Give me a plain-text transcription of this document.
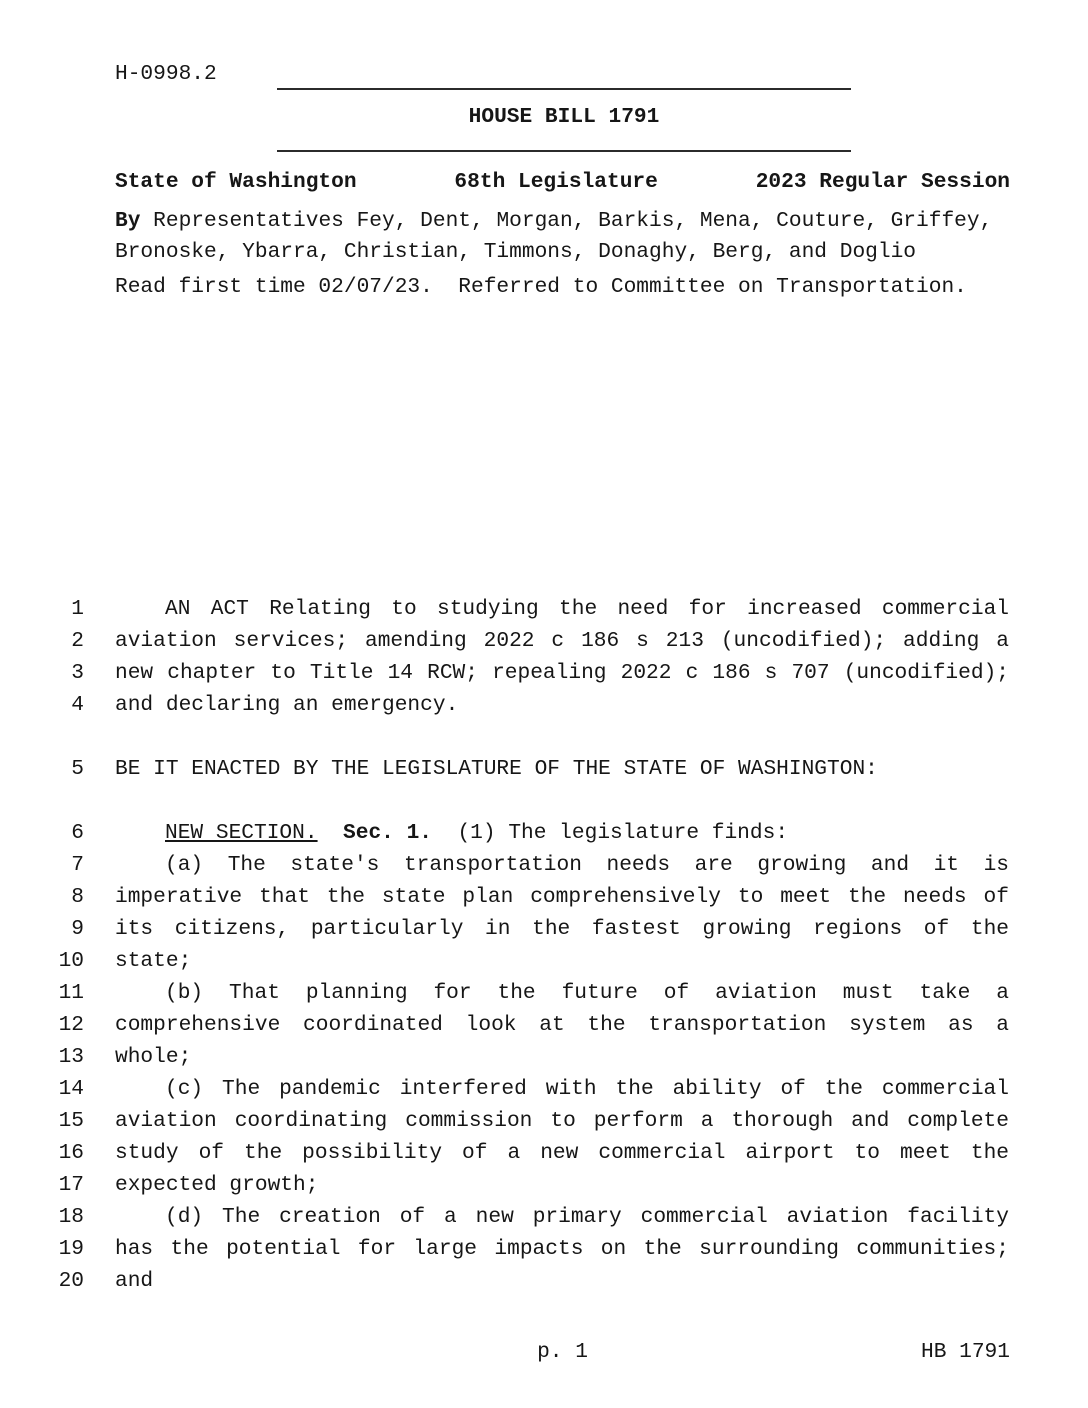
H-0998.2
HOUSE BILL 1791
State of Washington	68th Legislature	2023 Regular Session
By Representatives Fey, Dent, Morgan, Barkis, Mena, Couture, Griffey,
Bronoske, Ybarra, Christian, Timmons, Donaghy, Berg, and Doglio
Read first time 02/07/23.  Referred to Committee on Transportation.
1	AN ACT Relating to studying the need for increased commercial
2 aviation services; amending 2022 c 186 s 213 (uncodified); adding a
3 new chapter to Title 14 RCW; repealing 2022 c 186 s 707 (uncodified);
4 and declaring an emergency.
5 BE IT ENACTED BY THE LEGISLATURE OF THE STATE OF WASHINGTON:
6	NEW SECTION. Sec. 1.  (1) The legislature finds:
7	(a) The state's transportation needs are growing and it is
8 imperative that the state plan comprehensively to meet the needs of
9 its citizens, particularly in the fastest growing regions of the
10 state;
11	(b) That planning for the future of aviation must take a
12 comprehensive coordinated look at the transportation system as a
13 whole;
14	(c) The pandemic interfered with the ability of the commercial
15 aviation coordinating commission to perform a thorough and complete
16 study of the possibility of a new commercial airport to meet the
17 expected growth;
18	(d) The creation of a new primary commercial aviation facility
19 has the potential for large impacts on the surrounding communities;
20 and
p. 1	HB 1791
